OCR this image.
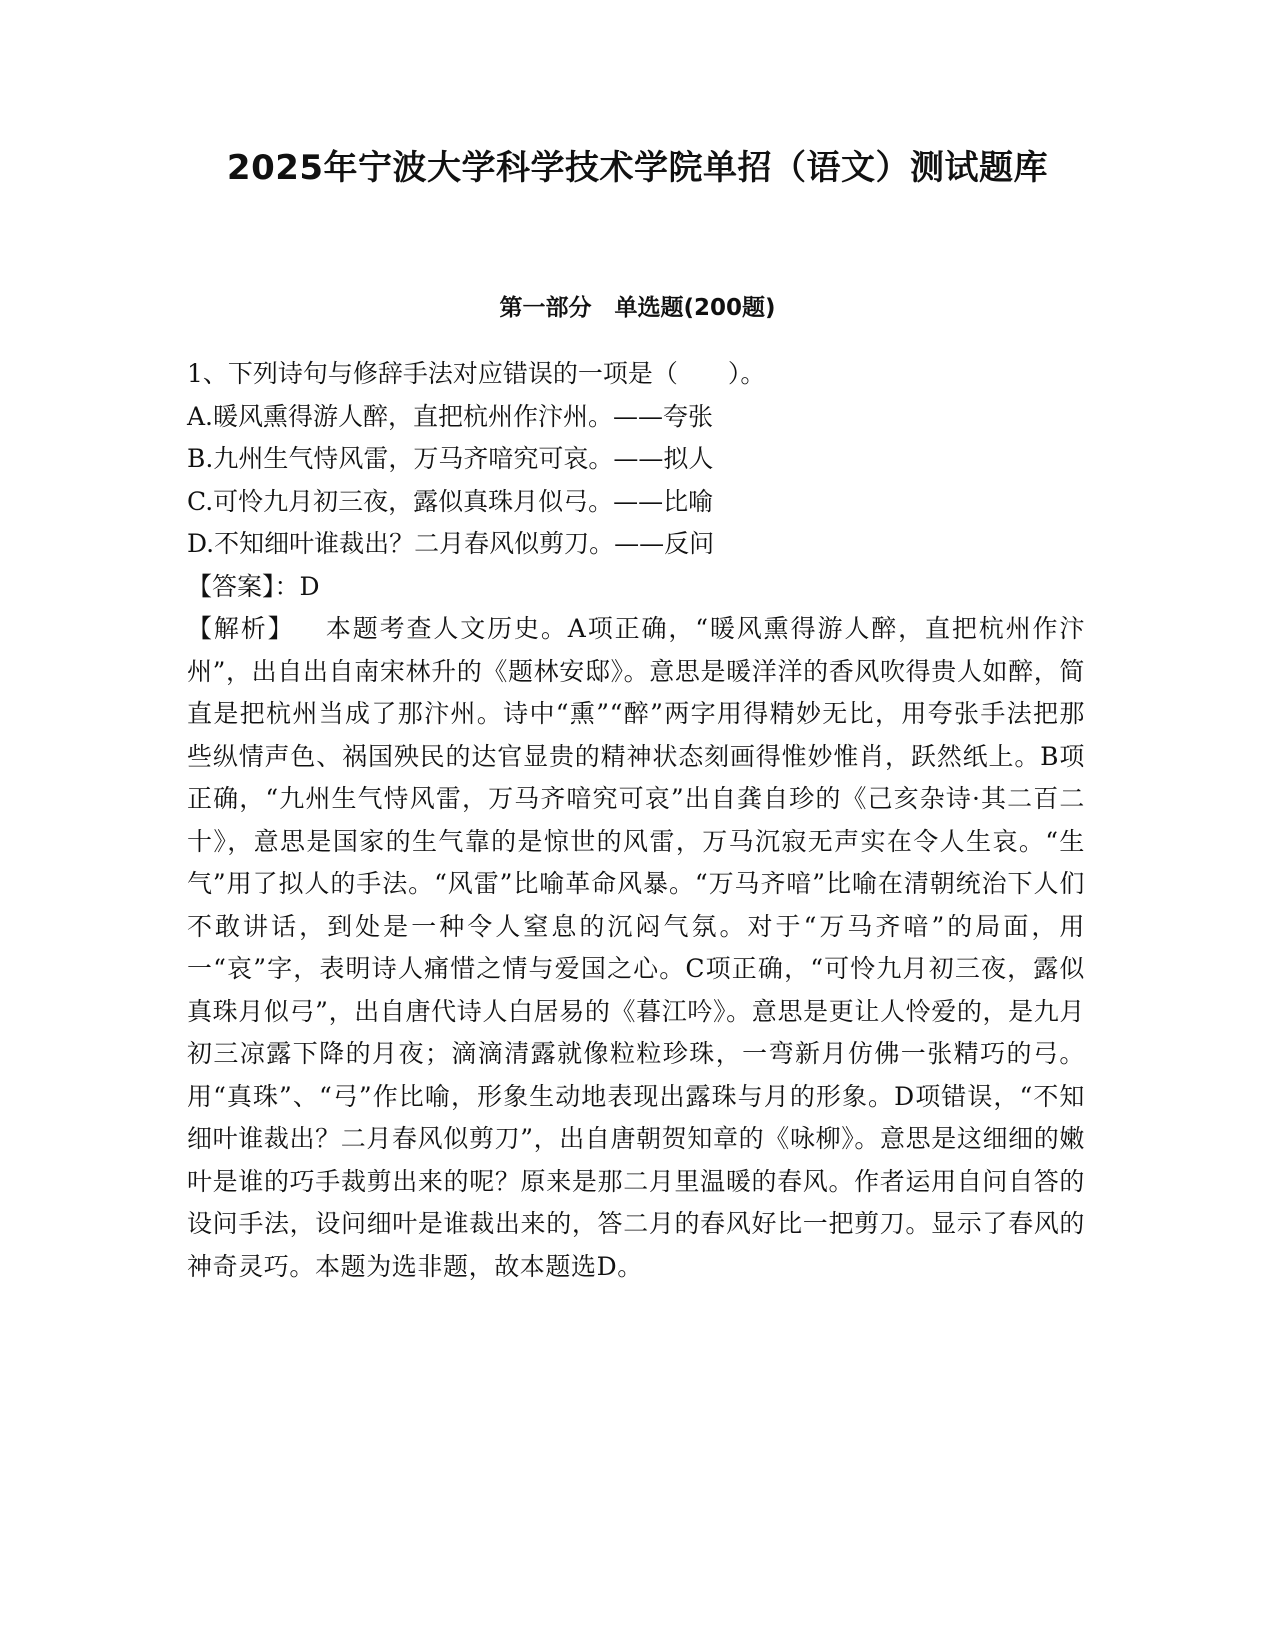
2025年宁波大学科学技术学院单招（语文）测试题库
第一部分　单选题(200题)
1、下列诗句与修辞手法对应错误的一项是（　　）。
A.暖风熏得游人醉，直把杭州作汴州。——夸张
B.九州生气恃风雷，万马齐喑究可哀。——拟人
C.可怜九月初三夜，露似真珠月似弓。——比喻
D.不知细叶谁裁出？二月春风似剪刀。——反问
【答案】：D
【解析】 本题考查人文历史。A项正确，“暖风熏得游人醉，直把杭州作汴州”，出自出自南宋林升的《题林安邸》。意思是暖洋洋的香风吹得贵人如醉，简直是把杭州当成了那汴州。诗中“熏”“醉”两字用得精妙无比，用夸张手法把那些纵情声色、祸国殃民的达官显贵的精神状态刻画得惟妙惟肖，跃然纸上。B项正确，“九州生气恃风雷，万马齐喑究可哀”出自龚自珍的《己亥杂诗·其二百二十》，意思是国家的生气靠的是惊世的风雷，万马沉寂无声实在令人生哀。“生气”用了拟人的手法。“风雷”比喻革命风暴。“万马齐喑”比喻在清朝统治下人们不敢讲话，到处是一种令人窒息的沉闷气氛。对于“万马齐喑”的局面，用一“哀”字，表明诗人痛惜之情与爱国之心。C项正确，“可怜九月初三夜，露似真珠月似弓”，出自唐代诗人白居易的《暮江吟》。意思是更让人怜爱的，是九月初三凉露下降的月夜；滴滴清露就像粒粒珍珠，一弯新月仿佛一张精巧的弓。用“真珠”、“弓”作比喻，形象生动地表现出露珠与月的形象。D项错误，“不知细叶谁裁出？二月春风似剪刀”，出自唐朝贺知章的《咏柳》。意思是这细细的嫩叶是谁的巧手裁剪出来的呢？原来是那二月里温暖的春风。作者运用自问自答的设问手法，设问细叶是谁裁出来的，答二月的春风好比一把剪刀。显示了春风的神奇灵巧。本题为选非题，故本题选D。
